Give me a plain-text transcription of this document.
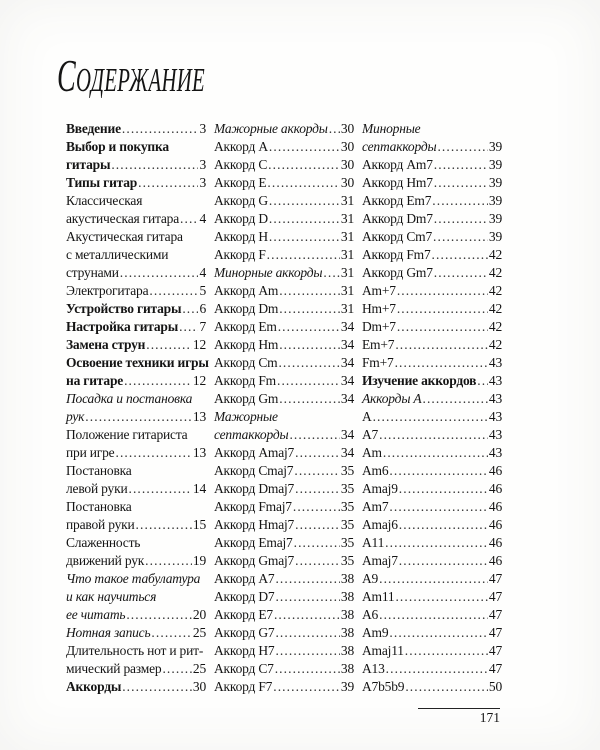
СОДЕРЖАНИЕ
Введение .....	3
Выбор и покупка
гитары .....	3
Типы гитар .....	3
Классическая
акустическая гитара ..... 4
Акустическая гитара
с металлическими
струнами .....	4
Электрогитара .....	5
Устройство гитары ..... 6
Настройка гитары ..... 7
Замена струн .....	12
Освоение техники игры
на гитаре .....	12
Посадка и постановка
рук .....	13
Положение гитариста
при игре .....	13
Постановка
левой руки .....	14
Постановка
правой руки .....	15
Слаженность
движений рук .....	19
Что такое табулатура
и как научиться
ее читать .....	20
Нотная запись .....	25
Длительность нот и рит-
мический размер ..... 25
Аккорды .....	30
Мажорные аккорды ..... 30
Аккорд A .....	30
Аккорд C .....	30
Аккорд E .....	30
Аккорд G .....	31
Аккорд D .....	31
Аккорд H .....	31
Аккорд F .....	31
Минорные аккорды ..... 31
Аккорд Am .....	31
Аккорд Dm .....	31
Аккорд Em .....	34
Аккорд Hm .....	34
Аккорд Cm .....	34
Аккорд Fm .....	34
Аккорд Gm .....	34
Мажорные
септаккорды .....	34
Аккорд Amaj7 .....	34
Аккорд Cmaj7 .....	35
Аккорд Dmaj7 .....	35
Аккорд Fmaj7 .....	35
Аккорд Hmaj7 .....	35
Аккорд Emaj7 .....	35
Аккорд Gmaj7 .....	35
Аккорд A7 .....	38
Аккорд D7 .....	38
Аккорд E7 .....	38
Аккорд G7 .....	38
Аккорд H7 .....	38
Аккорд C7 .....	38
Аккорд F7 .....	39
Минорные
септаккорды .....	39
Аккорд Am7 .....	39
Аккорд Hm7 .....	39
Аккорд Em7 .....	39
Аккорд Dm7 .....	39
Аккорд Cm7 .....	39
Аккорд Fm7 .....	42
Аккорд Gm7 .....	42
Am+7 .....	42
Hm+7 .....	42
Dm+7 .....	42
Em+7 .....	42
Fm+7 .....	43
Изучение аккордов ..... 43
Аккорды A .....	43
A .....	43
A7 .....	43
Am .....	43
Am6 .....	46
Amaj9 .....	46
Am7 .....	46
Amaj6 .....	46
A11 .....	46
Amaj7 .....	46
A9 .....	47
Am11 .....	47
A6 .....	47
Am9 .....	47
Amaj11 .....	47
A13 .....	47
A7b5b9 .....	50
171
